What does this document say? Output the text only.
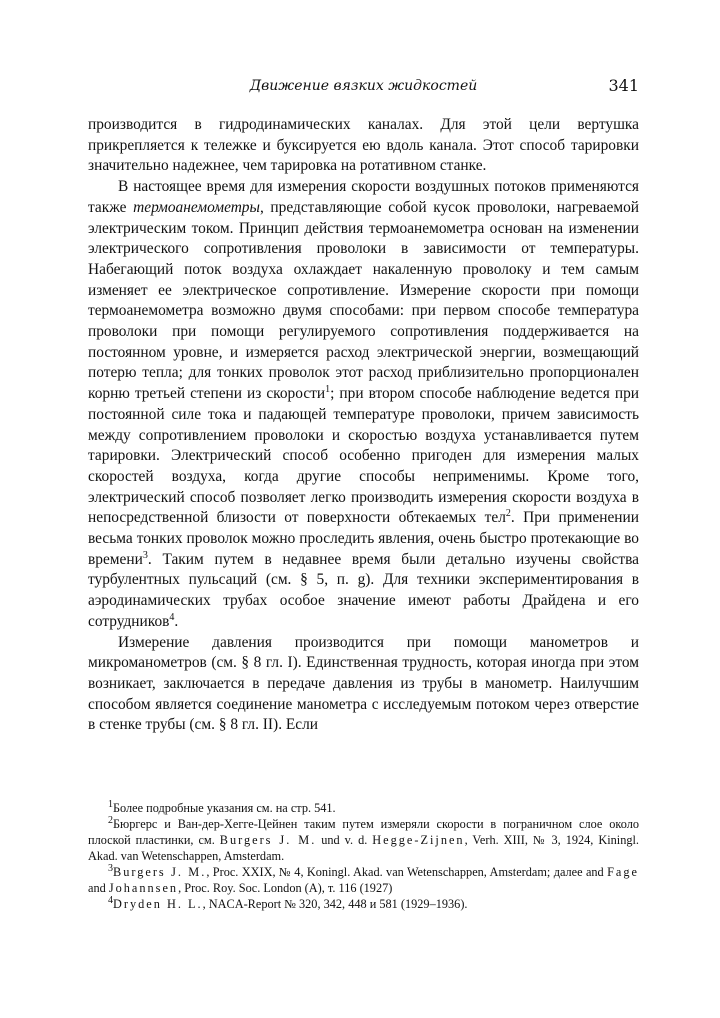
Движение вязких жидкостей	341

производится в гидродинамических каналах. Для этой цели вертушка прикрепляется к тележке и буксируется ею вдоль канала. Этот способ тарировки значительно надежнее, чем тарировка на ротативном станке.

В настоящее время для измерения скорости воздушных потоков применяются также термоанемометры, представляющие собой кусок проволоки, нагреваемой электрическим током. Принцип действия термоанемометра основан на изменении электрического сопротивления проволоки в зависимости от температуры. Набегающий поток воздуха охлаждает накаленную проволоку и тем самым изменяет ее электрическое сопротивление. Измерение скорости при помощи термоанемометра возможно двумя способами: при первом способе температура проволоки при помощи регулируемого сопротивления поддерживается на постоянном уровне, и измеряется расход электрической энергии, возмещающий потерю тепла; для тонких проволок этот расход приблизительно пропорционален корню третьей степени из скорости$^1$; при втором способе наблюдение ведется при постоянной силе тока и падающей температуре проволоки, причем зависимость между сопротивлением проволоки и скоростью воздуха устанавливается путем тарировки. Электрический способ особенно пригоден для измерения малых скоростей воздуха, когда другие способы неприменимы. Кроме того, электрический способ позволяет легко производить измерения скорости воздуха в непосредственной близости от поверхности обтекаемых тел$^2$. При применении весьма тонких проволок можно проследить явления, очень быстро протекающие во времени$^3$. Таким путем в недавнее время были детально изучены свойства турбулентных пульсаций (см. § 5, п. g). Для техники экспериментирования в аэродинамических трубах особое значение имеют работы Драйдена и его сотрудников$^4$.

Измерение давления производится при помощи манометров и микроманометров (см. § 8 гл. I). Единственная трудность, которая иногда при этом возникает, заключается в передаче давления из трубы в манометр. Наилучшим способом является соединение манометра с исследуемым потоком через отверстие в стенке трубы (см. § 8 гл. II). Если

$^1$Более подробные указания см. на стр. 541.

$^2$Бюргерс и Ван-дер-Хегге-Цейнен таким путем измеряли скорости в пограничном слое около плоской пластинки, см. Burgers J. M. und v. d. Hegge-Zijnen, Verh. XIII, № 3, 1924, Kiningl. Akad. van Wetenschappen, Amsterdam.

$^3$Burgers J. M., Proc. XXIX, № 4, Koningl. Akad. van Wetenschappen, Amsterdam; далее and Fage and Johannsen, Proc. Roy. Soc. London (A), т. 116 (1927)

$^4$Dryden H. L., NACA-Report № 320, 342, 448 и 581 (1929–1936).
